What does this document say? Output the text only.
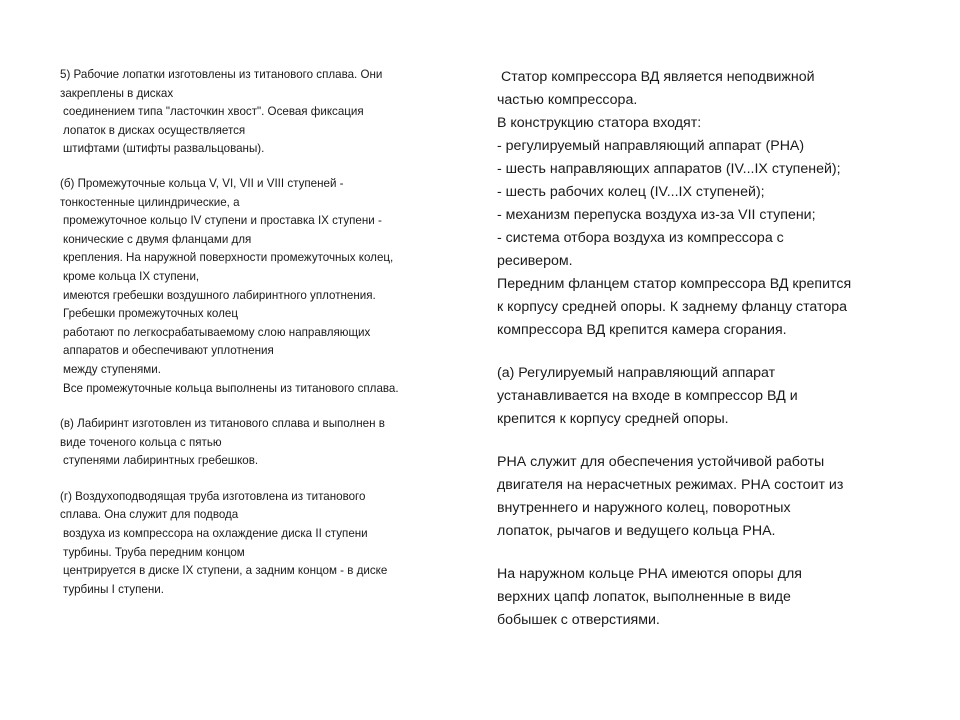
5) Рабочие лопатки изготовлены из титанового сплава. Они
закреплены в дисках
соединением типа "ласточкин хвост". Осевая фиксация
лопаток в дисках осуществляется
штифтами (штифты развальцованы).
(б) Промежуточные кольца V, VI, VII и VIII ступеней -
тонкостенные цилиндрические, а
промежуточное кольцо IV ступени и проставка IX ступени -
конические с двумя фланцами для
крепления. На наружной поверхности промежуточных колец,
кроме кольца IX ступени,
имеются гребешки воздушного лабиринтного уплотнения.
Гребешки промежуточных колец
работают по легкосрабатываемому слою направляющих
аппаратов и обеспечивают уплотнения
между ступенями.
Все промежуточные кольца выполнены из титанового сплава.
(в) Лабиринт изготовлен из титанового сплава и выполнен в
виде точеного кольца с пятью
ступенями лабиринтных гребешков.
(г) Воздухоподводящая труба изготовлена из титанового
сплава. Она служит для подвода
воздуха из компрессора на охлаждение диска II ступени
турбины. Труба передним концом
центрируется в диске IX ступени, а задним концом - в диске
турбины I ступени.
Статор компрессора ВД является неподвижной
частью компрессора.
В конструкцию статора входят:
- регулируемый направляющий аппарат (РНА)
- шесть направляющих аппаратов (IV...IX ступеней);
- шесть рабочих колец (IV...IX ступеней);
- механизм перепуска воздуха из-за VII ступени;
- система отбора воздуха из компрессора с
ресивером.
Передним фланцем статор компрессора ВД крепится
к корпусу средней опоры. К заднему фланцу статора
компрессора ВД крепится камера сгорания.
(а) Регулируемый направляющий аппарат
устанавливается на входе в компрессор ВД и
крепится к корпусу средней опоры.
РНА служит для обеспечения устойчивой работы
двигателя на нерасчетных режимах. РНА состоит из
внутреннего и наружного колец, поворотных
лопаток, рычагов и ведущего кольца РНА.
На наружном кольце РНА имеются опоры для
верхних цапф лопаток, выполненные в виде
бобышек с отверстиями.
